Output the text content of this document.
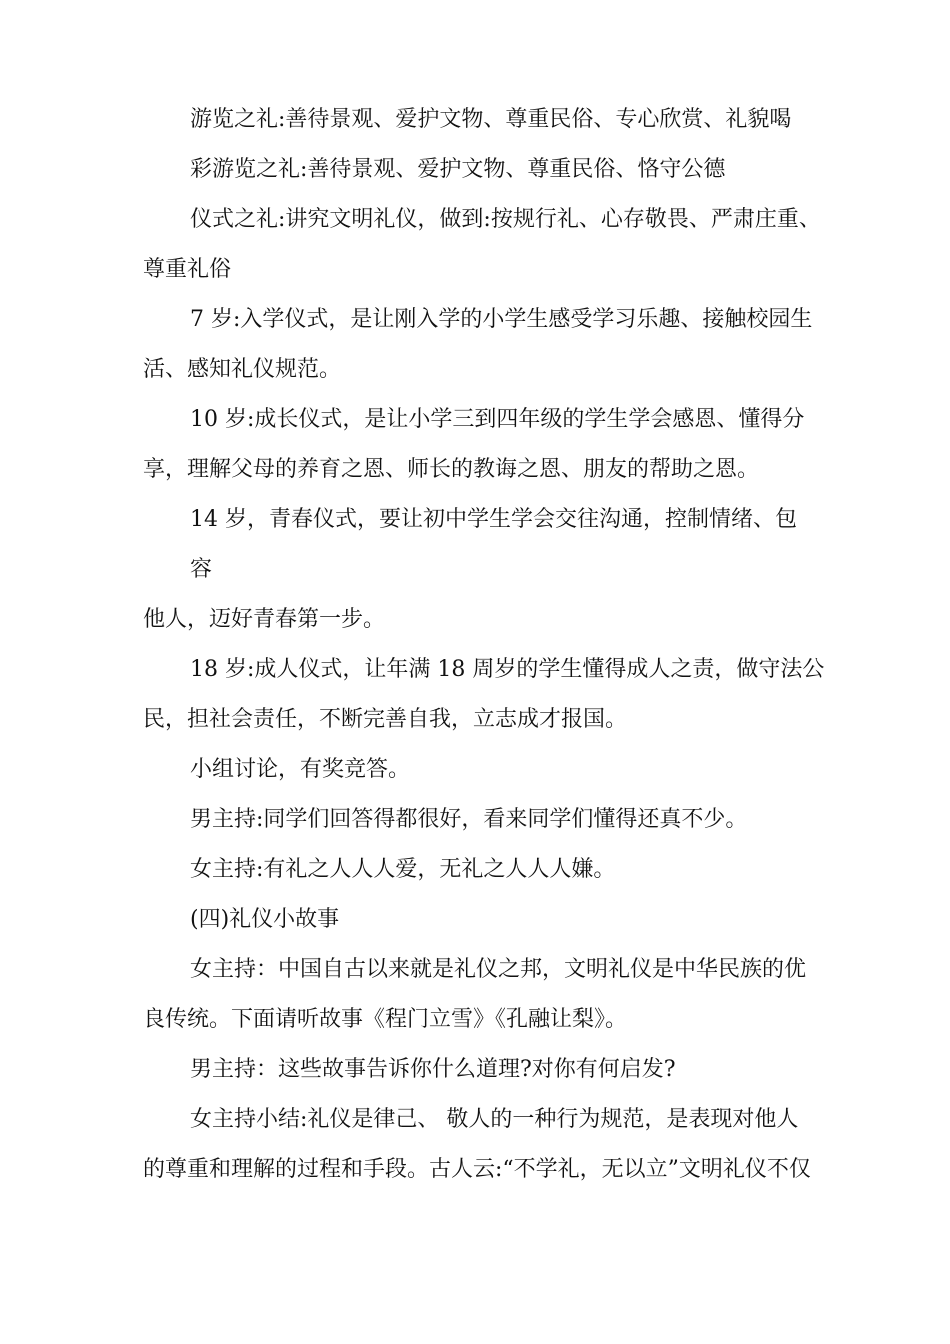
游览之礼:善待景观、爱护文物、尊重民俗、专心欣赏、礼貌喝
彩游览之礼:善待景观、爱护文物、尊重民俗、恪守公德
仪式之礼:讲究文明礼仪，做到:按规行礼、心存敬畏、严肃庄重、
尊重礼俗
7 岁:入学仪式，是让刚入学的小学生感受学习乐趣、接触校园生
活、感知礼仪规范。
10 岁:成长仪式，是让小学三到四年级的学生学会感恩、懂得分
享，理解父母的养育之恩、师长的教诲之恩、朋友的帮助之恩。
14 岁，青春仪式，要让初中学生学会交往沟通，控制情绪、包
容
他人，迈好青春第一步。
18 岁:成人仪式，让年满 18 周岁的学生懂得成人之责，做守法公
民，担社会责任，不断完善自我，立志成才报国。
小组讨论，有奖竞答。
男主持:同学们回答得都很好，看来同学们懂得还真不少。
女主持:有礼之人人人爱，无礼之人人人嫌。
(四)礼仪小故事
女主持：中国自古以来就是礼仪之邦，文明礼仪是中华民族的优
良传统。下面请听故事《程门立雪》《孔融让梨》。
男主持：这些故事告诉你什么道理?对你有何启发?
女主持小结:礼仪是律己、 敬人的一种行为规范，是表现对他人
的尊重和理解的过程和手段。古人云:“不学礼，无以立”文明礼仪不仅
